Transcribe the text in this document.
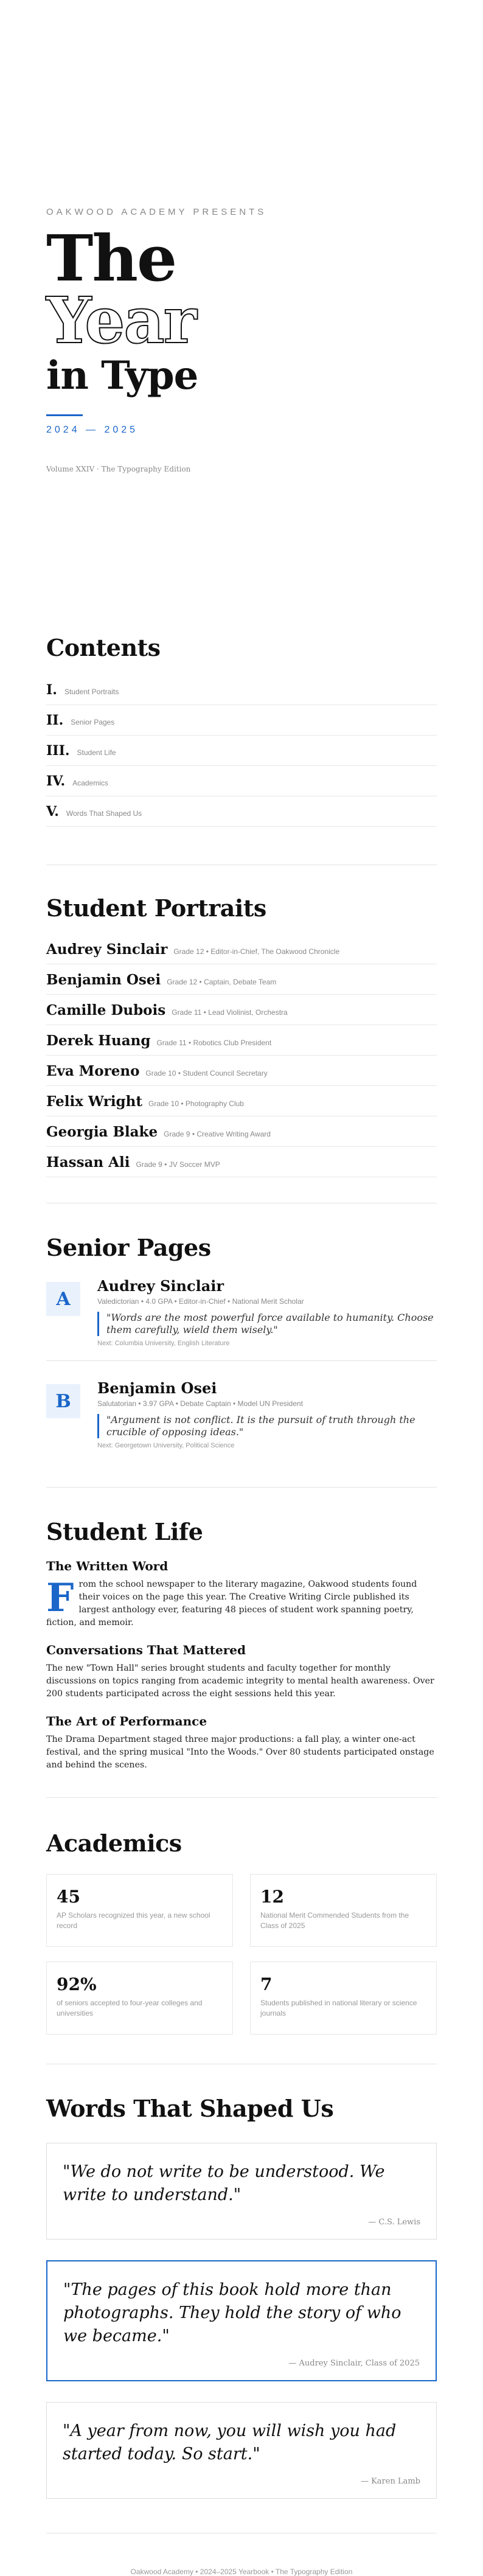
OAKWOOD ACADEMY PRESENTS
The
Year
in Type
2024 — 2025
Volume XXIV · The Typography Edition
Contents
I. Student Portraits
II. Senior Pages
III. Student Life
IV. Academics
V. Words That Shaped Us
Student Portraits
Audrey Sinclair Grade 12 • Editor-in-Chief, The Oakwood Chronicle
Benjamin Osei Grade 12 • Captain, Debate Team
Camille Dubois Grade 11 • Lead Violinist, Orchestra
Derek Huang Grade 11 • Robotics Club President
Eva Moreno Grade 10 • Student Council Secretary
Felix Wright Grade 10 • Photography Club
Georgia Blake Grade 9 • Creative Writing Award
Hassan Ali Grade 9 • JV Soccer MVP
Senior Pages
A
Audrey Sinclair
Valedictorian • 4.0 GPA • Editor-in-Chief • National Merit Scholar
"Words are the most powerful force available to humanity. Choose them carefully, wield them wisely."
Next: Columbia University, English Literature
B
Benjamin Osei
Salutatorian • 3.97 GPA • Debate Captain • Model UN President
"Argument is not conflict. It is the pursuit of truth through the crucible of opposing ideas."
Next: Georgetown University, Political Science
Student Life
The Written Word

From the school newspaper to the literary magazine, Oakwood students found their voices on the page this year. The Creative Writing Circle published its largest anthology ever, featuring 48 pieces of student work spanning poetry, fiction, and memoir.

Conversations That Mattered

The new "Town Hall" series brought students and faculty together for monthly discussions on topics ranging from academic integrity to mental health awareness. Over 200 students participated across the eight sessions held this year.

The Art of Performance

The Drama Department staged three major productions: a fall play, a winter one-act festival, and the spring musical "Into the Woods." Over 80 students participated onstage and behind the scenes.

Academics
45
AP Scholars recognized this year, a new school record
12
National Merit Commended Students from the Class of 2025
92%
of seniors accepted to four-year colleges and universities
7
Students published in national literary or science journals
Words That Shaped Us
"We do not write to be understood. We write to understand."
— C.S. Lewis
"The pages of this book hold more than photographs. They hold the story of who we became."
— Audrey Sinclair, Class of 2025
"A year from now, you will wish you had started today. So start."
— Karen Lamb
Oakwood Academy • 2024–2025 Yearbook • The Typography Edition
